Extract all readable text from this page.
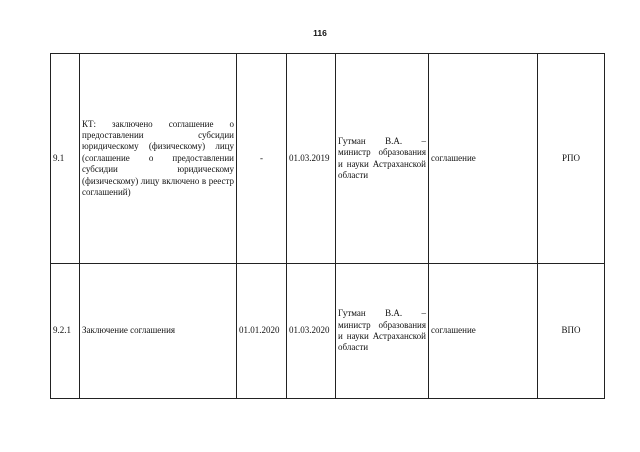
116
9.1	КТ: заключено соглашение о предоставлении субсидии юридическому (физическому) лицу (соглашение о предоставлении субсидии юридическому (физическому) лицу включено в реестр соглашений)	-	01.03.2019	Гутман В.А. – министр образования и науки Астраханской области	соглашение	РПО
9.2.1	Заключение соглашения	01.01.2020	01.03.2020	Гутман В.А. – министр образования и науки Астраханской области	соглашение	ВПО
